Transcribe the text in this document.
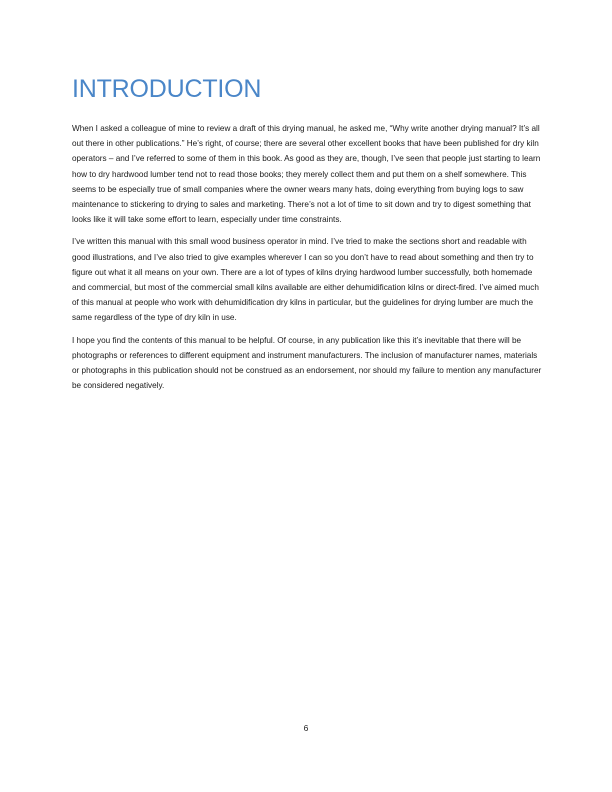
INTRODUCTION

When I asked a colleague of mine to review a draft of this drying manual, he asked me, “Why write another drying manual? It’s all out there in other publications.” He’s right, of course; there are several other excellent books that have been published for dry kiln operators – and I’ve referred to some of them in this book. As good as they are, though, I’ve seen that people just starting to learn how to dry hardwood lumber tend not to read those books; they merely collect them and put them on a shelf somewhere. This seems to be especially true of small companies where the owner wears many hats, doing everything from buying logs to saw maintenance to stickering to drying to sales and marketing. There’s not a lot of time to sit down and try to digest something that looks like it will take some effort to learn, especially under time constraints.

I’ve written this manual with this small wood business operator in mind. I’ve tried to make the sections short and readable with good illustrations, and I’ve also tried to give examples wherever I can so you don’t have to read about something and then try to figure out what it all means on your own. There are a lot of types of kilns drying hardwood lumber successfully, both homemade and commercial, but most of the commercial small kilns available are either dehumidification kilns or direct-fired. I’ve aimed much of this manual at people who work with dehumidification dry kilns in particular, but the guidelines for drying lumber are much the same regardless of the type of dry kiln in use.

I hope you find the contents of this manual to be helpful. Of course, in any publication like this it’s inevitable that there will be photographs or references to different equipment and instrument manufacturers. The inclusion of manufacturer names, materials or photographs in this publication should not be construed as an endorsement, nor should my failure to mention any manufacturer be considered negatively.

6
